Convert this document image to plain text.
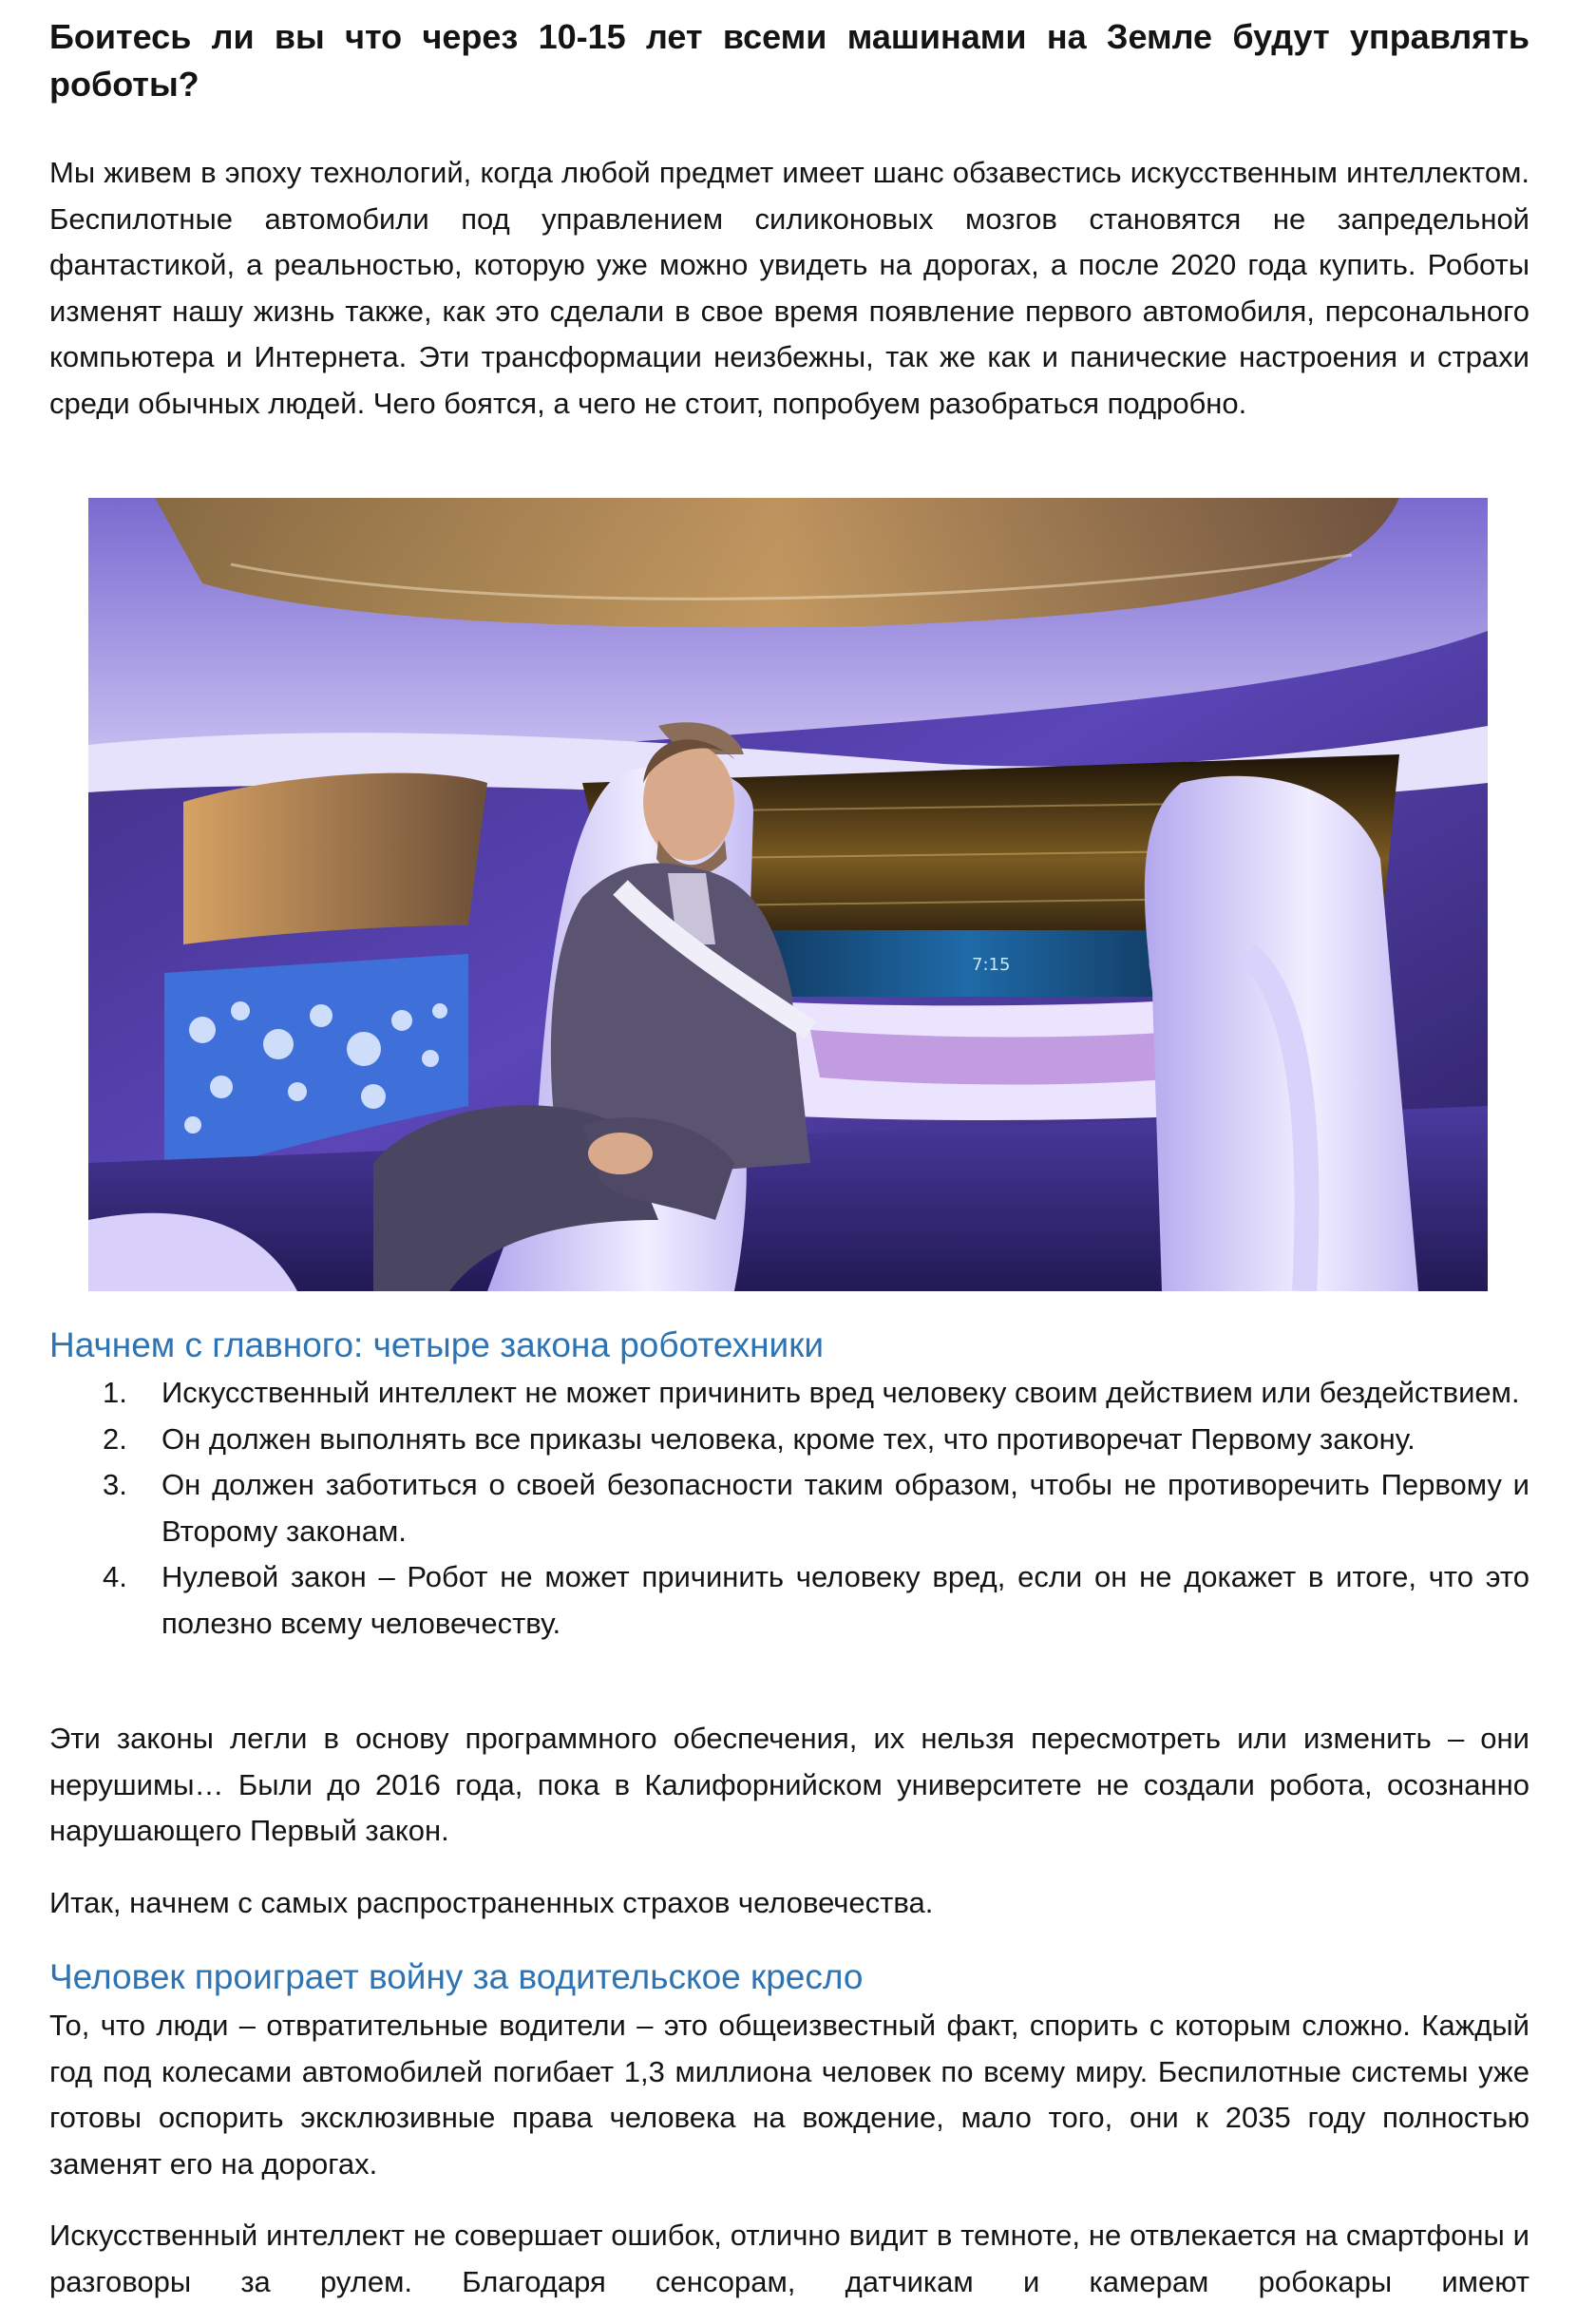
Боитесь ли вы что через 10-15 лет всеми машинами на Земле будут управлять роботы?

Мы живем в эпоху технологий, когда любой предмет имеет шанс обзавестись искусственным интеллектом. Беспилотные автомобили под управлением силиконовых мозгов становятся не запредельной фантастикой, а реальностью, которую уже можно увидеть на дорогах, а после 2020 года купить. Роботы изменят нашу жизнь также, как это сделали в свое время появление первого автомобиля, персонального компьютера и Интернета. Эти трансформации неизбежны, так же как и панические настроения и страхи среди обычных людей. Чего боятся, а чего не стоит, попробуем разобраться подробно.

7:15
Начнем с главного: четыре закона роботехники
1. Искусственный интеллект не может причинить вред человеку своим действием или бездействием.
2. Он должен выполнять все приказы человека, кроме тех, что противоречат Первому закону.
3. Он должен заботиться о своей безопасности таким образом, чтобы не противоречить Первому и Второму законам.
4. Нулевой закон – Робот не может причинить человеку вред, если он не докажет в итоге, что это полезно всему человечеству.

Эти законы легли в основу программного обеспечения, их нельзя пересмотреть или изменить – они нерушимы… Были до 2016 года, пока в Калифорнийском университете не создали робота, осознанно нарушающего Первый закон.

Итак, начнем с самых распространенных страхов человечества.

Человек проиграет войну за водительское кресло

То, что люди – отвратительные водители – это общеизвестный факт, спорить с которым сложно. Каждый год под колесами автомобилей погибает 1,3 миллиона человек по всему миру. Беспилотные системы уже готовы оспорить эксклюзивные права человека на вождение, мало того, они к 2035 году полностью заменят его на дорогах.

Искусственный интеллект не совершает ошибок, отлично видит в темноте, не отвлекается на смартфоны и разговоры за рулем. Благодаря сенсорам, датчикам и камерам робокары имеют
